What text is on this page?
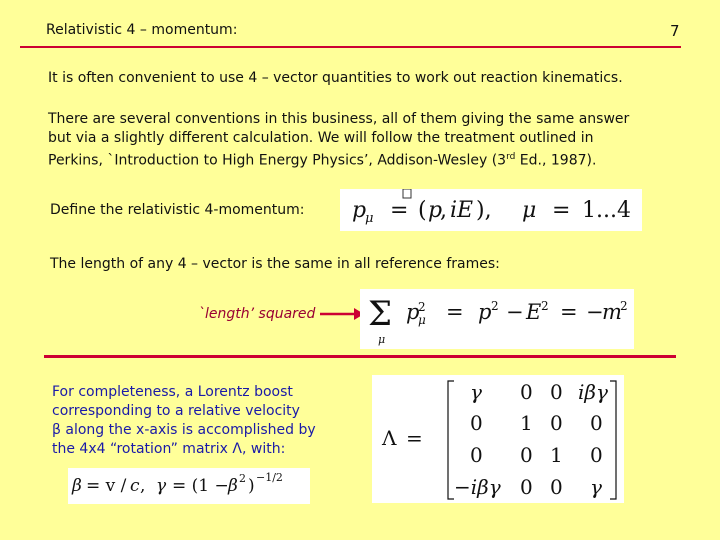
Relativistic 4 – momentum:	7
It is often convenient to use 4 – vector quantities to work out reaction kinematics.
There are several conventions in this business, all of them giving the same answer
but via a slightly different calculation. We will follow the treatment outlined in
Perkins, `Introduction to High Energy Physics’, Addison-Wesley (3rd Ed., 1987).
Define the relativistic 4-momentum: p
μ = ( p
, iE ), μ = 1...4
The length of any 4 – vector is the same in all reference frames:
`length’ squared Σ
μ
p
2
μ = p 2 − E 2 = −
m
2
For completeness, a Lorentz boost
corresponding to a relative velocity
β along the x-axis is accomplished by
the 4x4 “rotation” matrix Λ, with:	Λ =
γ 0 0 iβγ
0 1 0 0
0 0 1 0
−iβγ 0 0 γ
β = v / c , γ = (1 − β 2 ) −1/2
